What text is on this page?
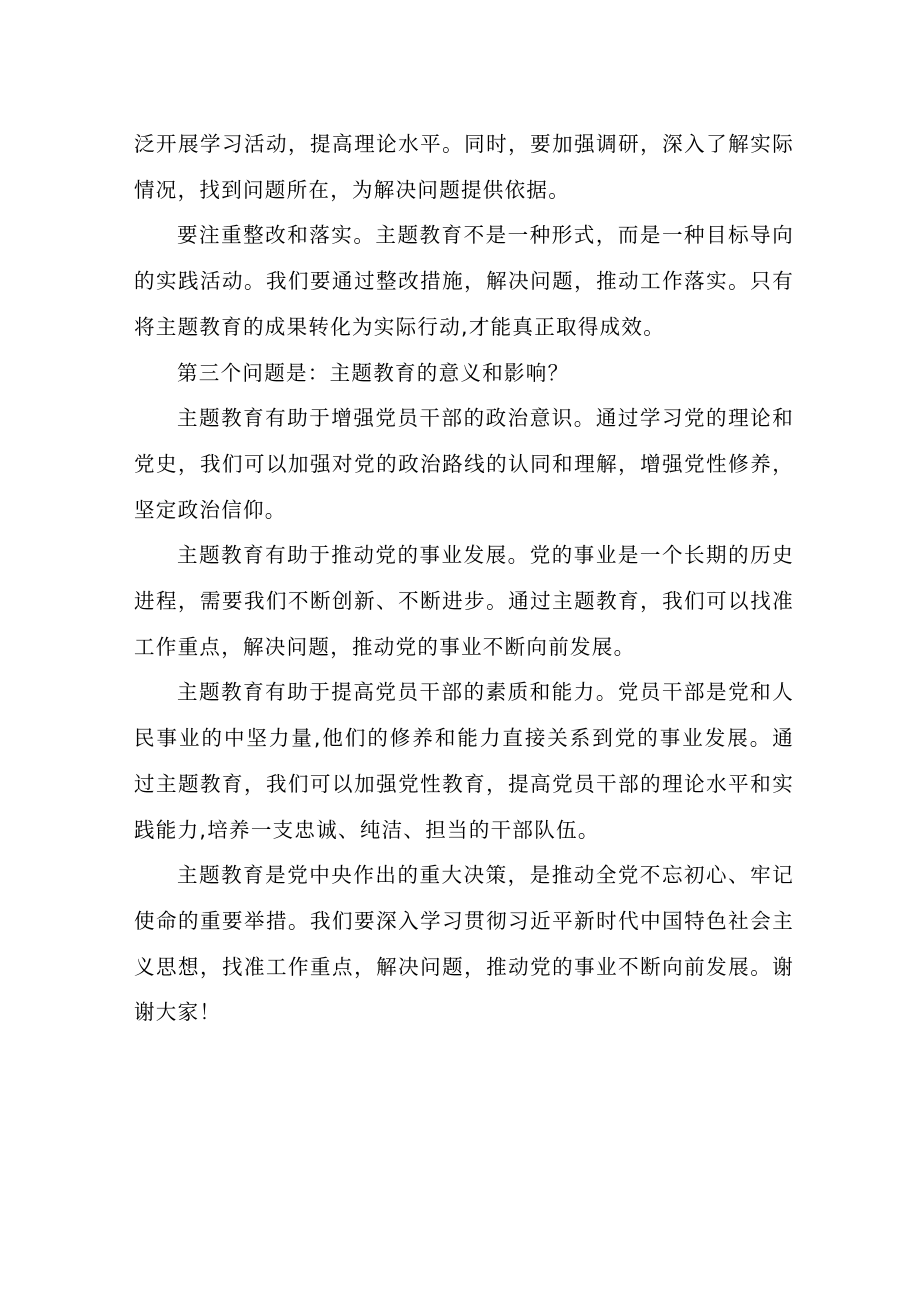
泛开展学习活动，提高理论水平。同时，要加强调研，深入了解实际情况，找到问题所在，为解决问题提供依据。

要注重整改和落实。主题教育不是一种形式，而是一种目标导向的实践活动。我们要通过整改措施，解决问题，推动工作落实。只有将主题教育的成果转化为实际行动,才能真正取得成效。

第三个问题是：主题教育的意义和影响？

主题教育有助于增强党员干部的政治意识。通过学习党的理论和党史，我们可以加强对党的政治路线的认同和理解，增强党性修养，坚定政治信仰。

主题教育有助于推动党的事业发展。党的事业是一个长期的历史进程，需要我们不断创新、不断进步。通过主题教育，我们可以找准工作重点，解决问题，推动党的事业不断向前发展。

主题教育有助于提高党员干部的素质和能力。党员干部是党和人民事业的中坚力量,他们的修养和能力直接关系到党的事业发展。通过主题教育，我们可以加强党性教育，提高党员干部的理论水平和实践能力,培养一支忠诚、纯洁、担当的干部队伍。

主题教育是党中央作出的重大决策，是推动全党不忘初心、牢记使命的重要举措。我们要深入学习贯彻习近平新时代中国特色社会主义思想，找准工作重点，解决问题，推动党的事业不断向前发展。谢谢大家！
